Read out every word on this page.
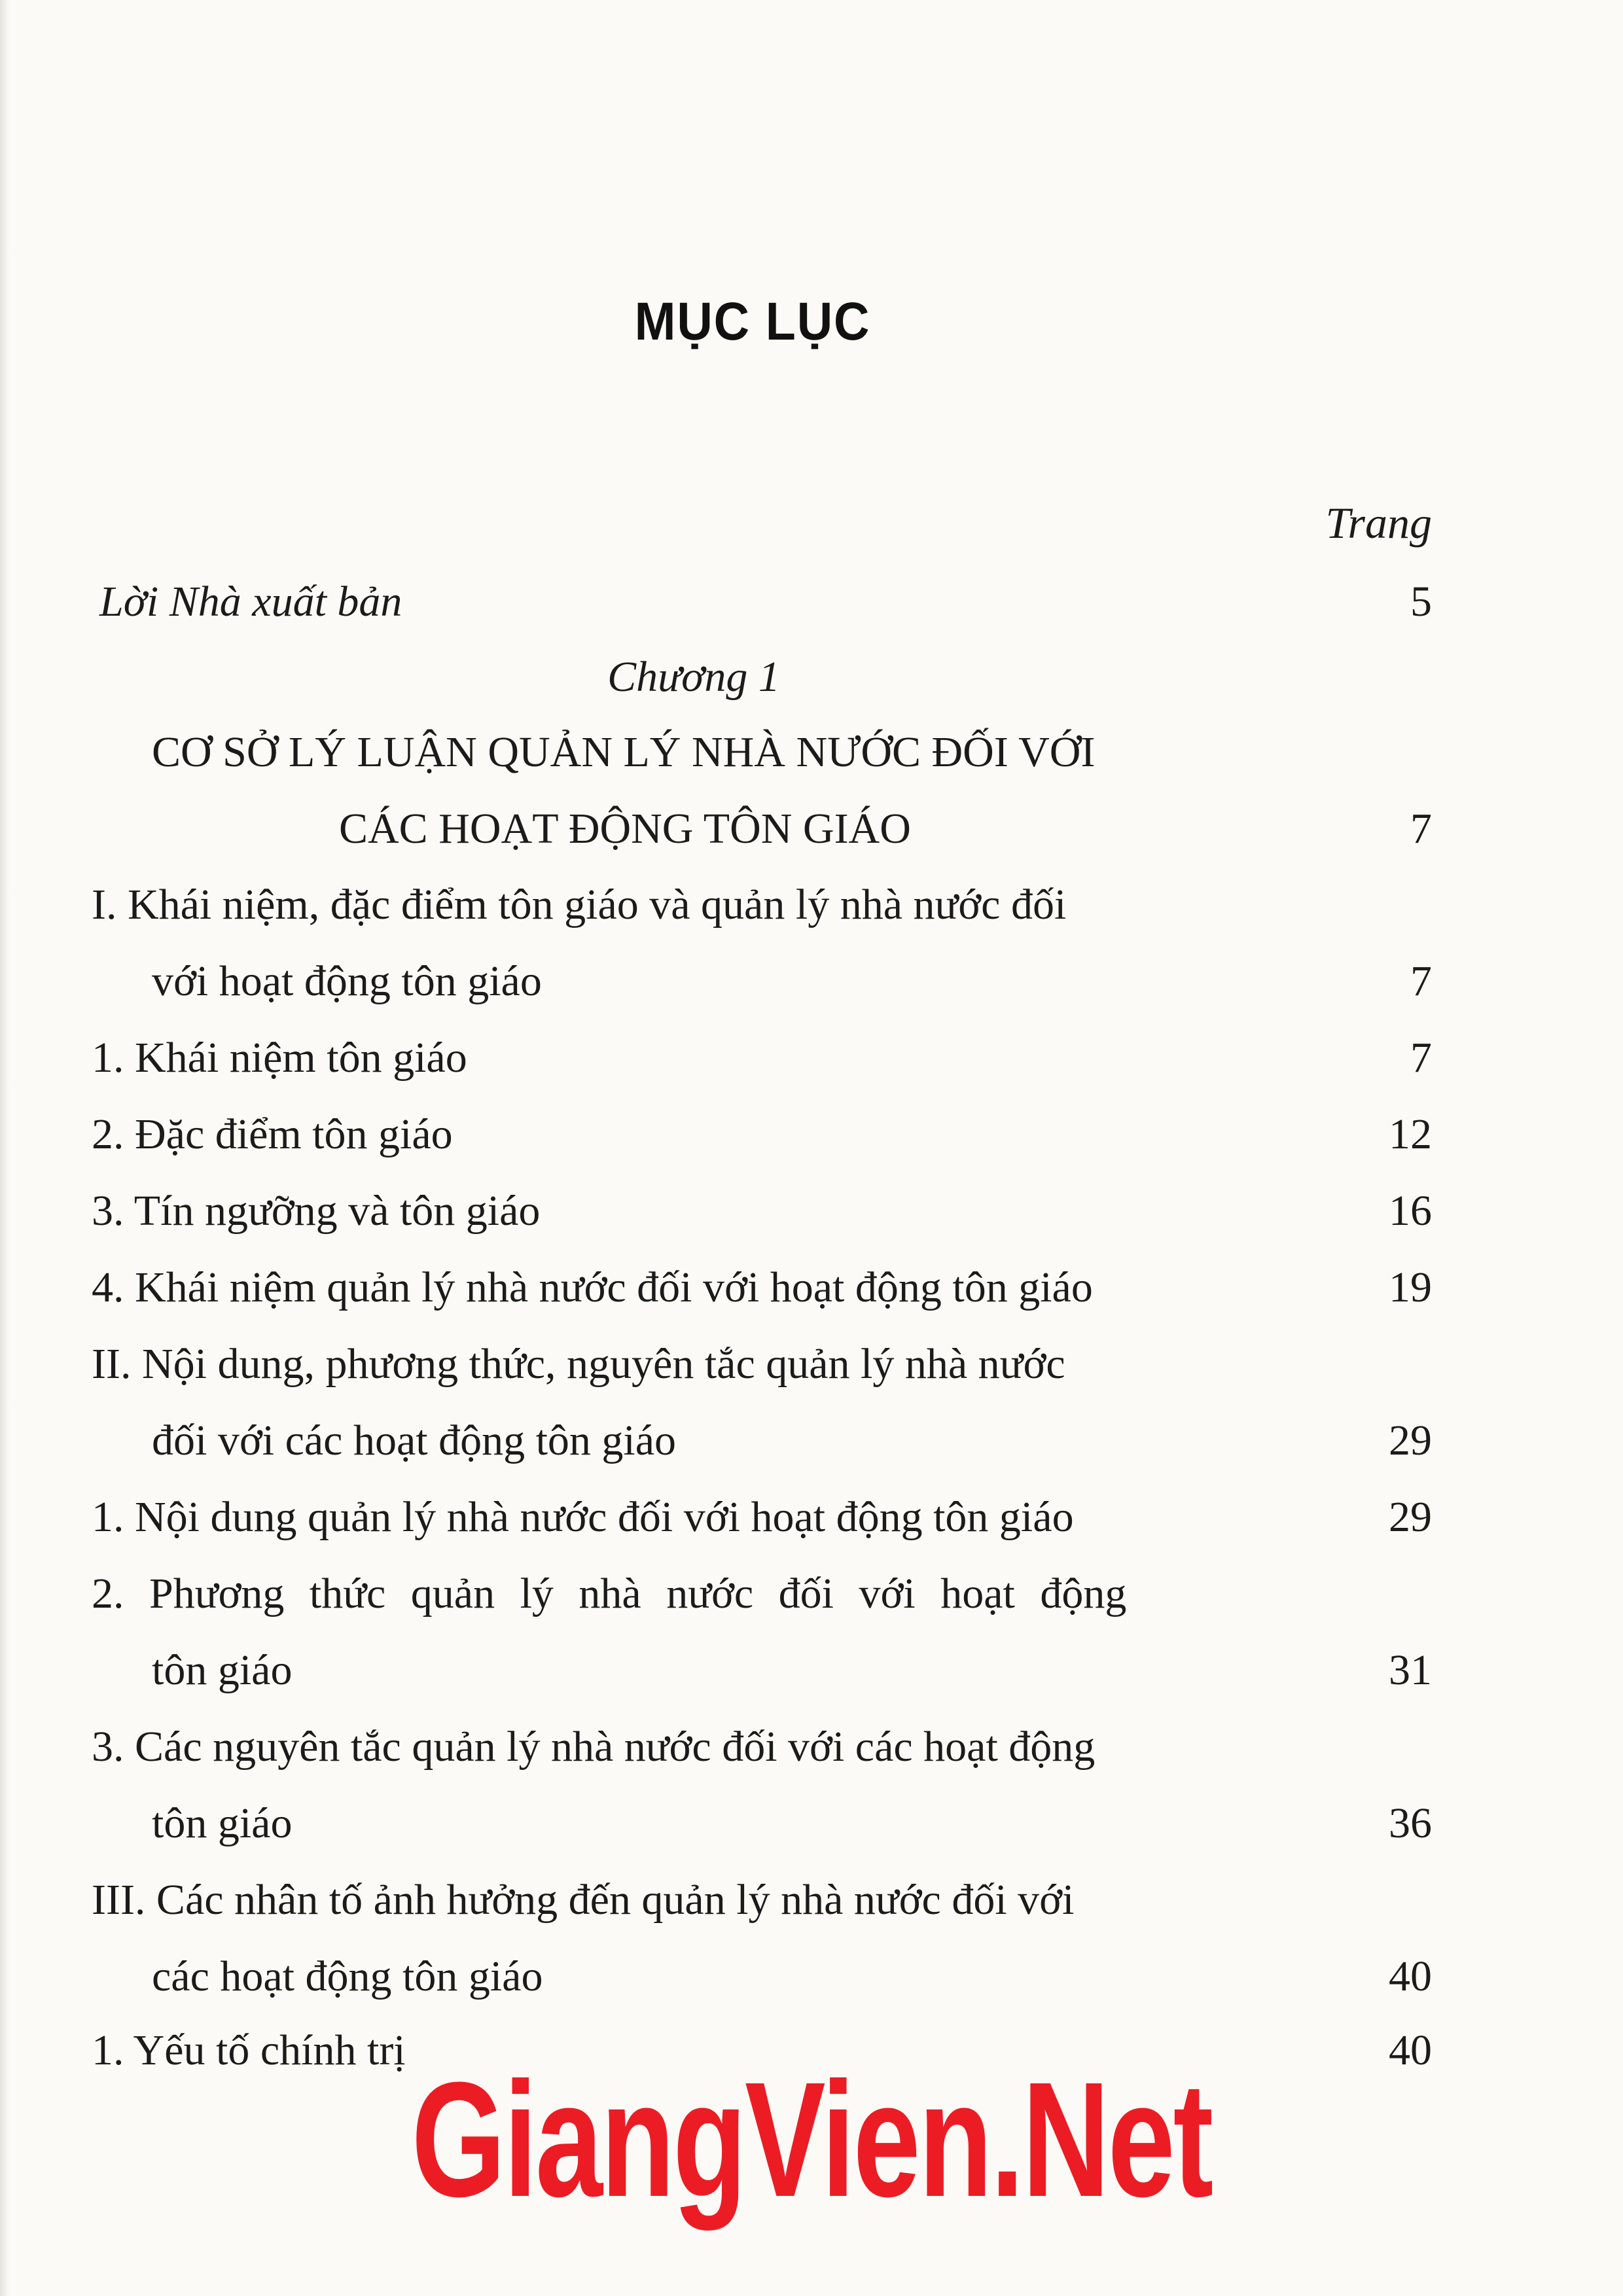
MỤC LỤC
Trang
Lời Nhà xuất bản	5
Chương 1
CƠ SỞ LÝ LUẬN QUẢN LÝ NHÀ NƯỚC ĐỐI VỚI
CÁC HOẠT ĐỘNG TÔN GIÁO	7
I. Khái niệm, đặc điểm tôn giáo và quản lý nhà nước đối
với hoạt động tôn giáo	7
1. Khái niệm tôn giáo	7
2. Đặc điểm tôn giáo	12
3. Tín ngưỡng và tôn giáo	16
4. Khái niệm quản lý nhà nước đối với hoạt động tôn giáo	19
II. Nội dung, phương thức, nguyên tắc quản lý nhà nước
đối với các hoạt động tôn giáo	29
1. Nội dung quản lý nhà nước đối với hoạt động tôn giáo	29
2. Phương thức quản lý nhà nước đối với hoạt động
tôn giáo	31
3. Các nguyên tắc quản lý nhà nước đối với các hoạt động
tôn giáo	36
III. Các nhân tố ảnh hưởng đến quản lý nhà nước đối với
các hoạt động tôn giáo	40
1. Yếu tố chính trị	40
GiangVien.Net
